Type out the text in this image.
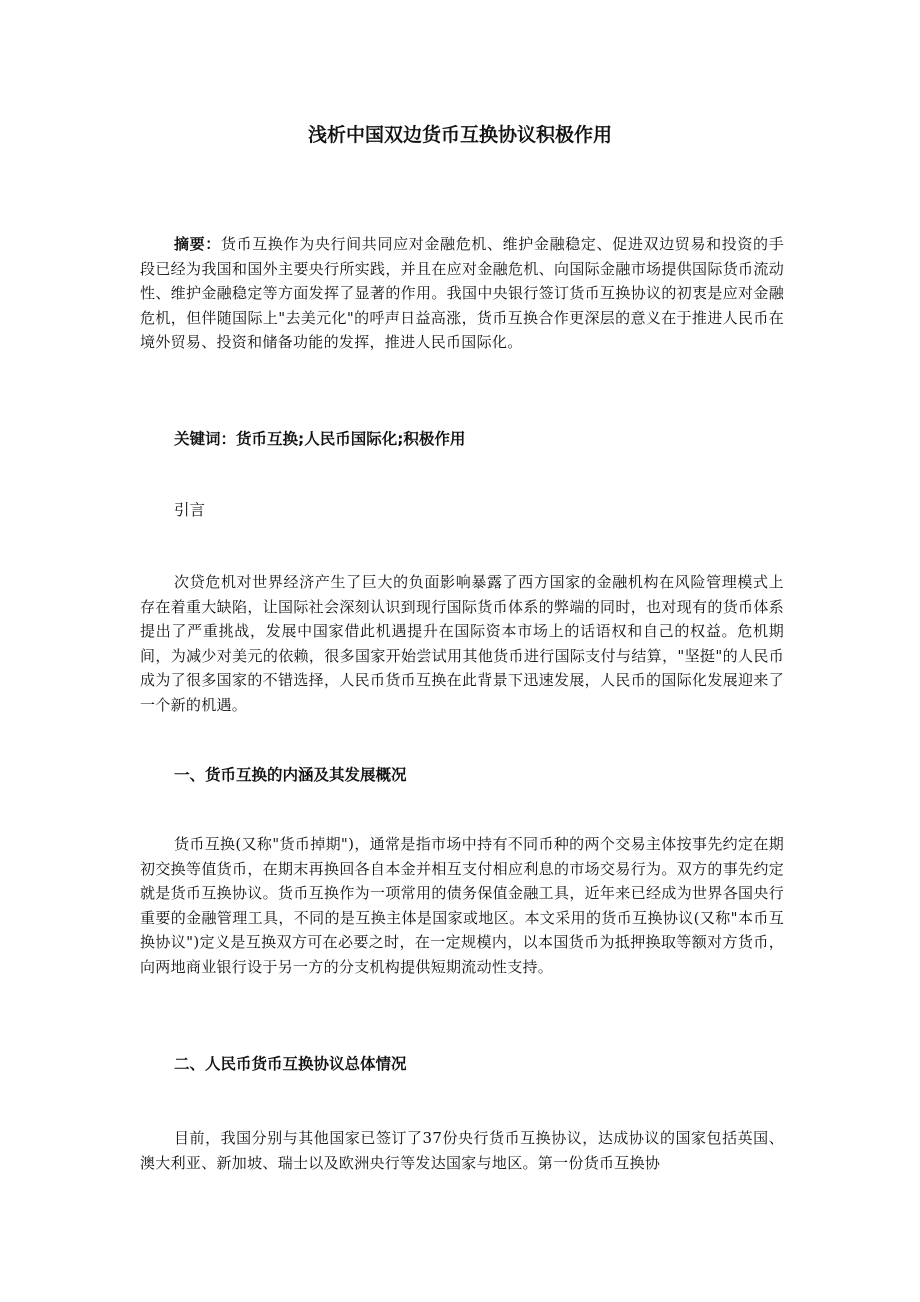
浅析中国双边货币互换协议积极作用

摘要：货币互换作为央行间共同应对金融危机、维护金融稳定、促进双边贸易和投资的手段已经为我国和国外主要央行所实践，并且在应对金融危机、向国际金融市场提供国际货币流动性、维护金融稳定等方面发挥了显著的作用。我国中央银行签订货币互换协议的初衷是应对金融危机，但伴随国际上"去美元化"的呼声日益高涨，货币互换合作更深层的意义在于推进人民币在境外贸易、投资和储备功能的发挥，推进人民币国际化。

关键词：货币互换;人民币国际化;积极作用
引言

次贷危机对世界经济产生了巨大的负面影响暴露了西方国家的金融机构在风险管理模式上存在着重大缺陷，让国际社会深刻认识到现行国际货币体系的弊端的同时，也对现有的货币体系提出了严重挑战，发展中国家借此机遇提升在国际资本市场上的话语权和自己的权益。危机期间，为减少对美元的依赖，很多国家开始尝试用其他货币进行国际支付与结算，"坚挺"的人民币成为了很多国家的不错选择，人民币货币互换在此背景下迅速发展，人民币的国际化发展迎来了一个新的机遇。

一、货币互换的内涵及其发展概况

货币互换(又称"货币掉期")，通常是指市场中持有不同币种的两个交易主体按事先约定在期初交换等值货币，在期末再换回各自本金并相互支付相应利息的市场交易行为。双方的事先约定就是货币互换协议。货币互换作为一项常用的债务保值金融工具，近年来已经成为世界各国央行重要的金融管理工具，不同的是互换主体是国家或地区。本文采用的货币互换协议(又称"本币互换协议")定义是互换双方可在必要之时，在一定规模内，以本国货币为抵押换取等额对方货币，向两地商业银行设于另一方的分支机构提供短期流动性支持。

二、人民币货币互换协议总体情况

目前，我国分别与其他国家已签订了37份央行货币互换协议，达成协议的国家包括英国、澳大利亚、新加坡、瑞士以及欧洲央行等发达国家与地区。第一份货币互换协
